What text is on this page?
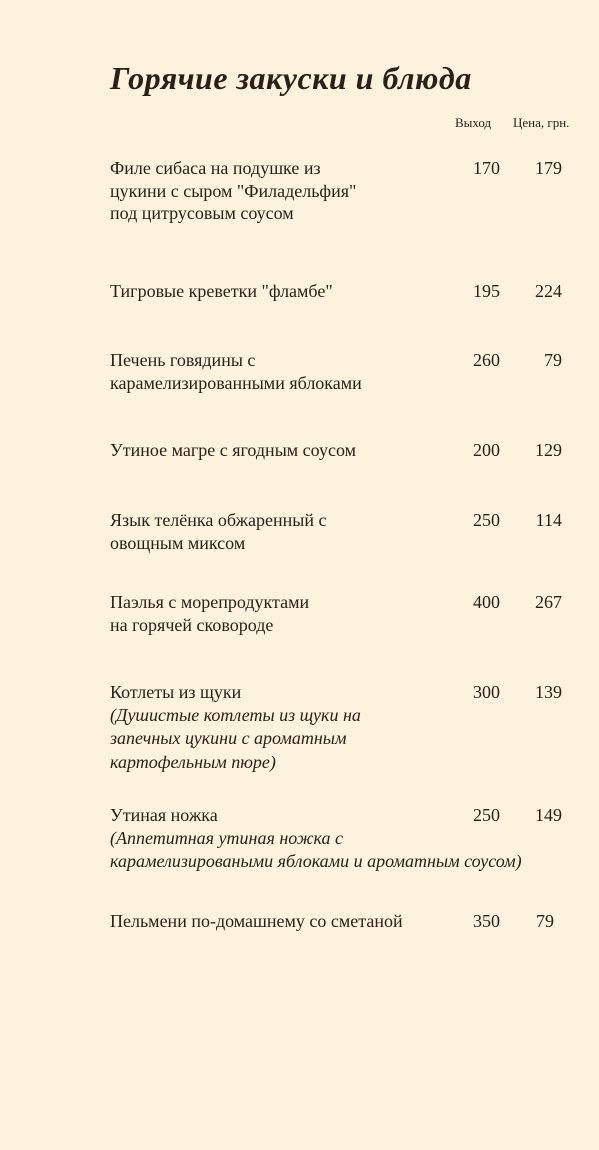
Горячие закуски и блюда
Выход Цена, грн.
Филе сибаса на подушке из
цукини с сыром "Филадельфия"
под цитрусовым соусом
170	179
Тигровые креветки "фламбе"	195	224
Печень говядины с
карамелизированными яблоками
260	79
Утиное магре с ягодным соусом	200	129
Язык телёнка обжаренный с
овощным миксом
250	114
Паэлья с морепродуктами
на горячей сковороде
400	267
Котлеты из щуки
(Душистые котлеты из щуки на
запечных цукини с ароматным
картофельным пюре)
300	139
Утиная ножка
(Аппетитная утиная ножка с
карамелизироваными яблоками и ароматным соусом)
250	149
Пельмени по-домашнему со сметаной	350	79
